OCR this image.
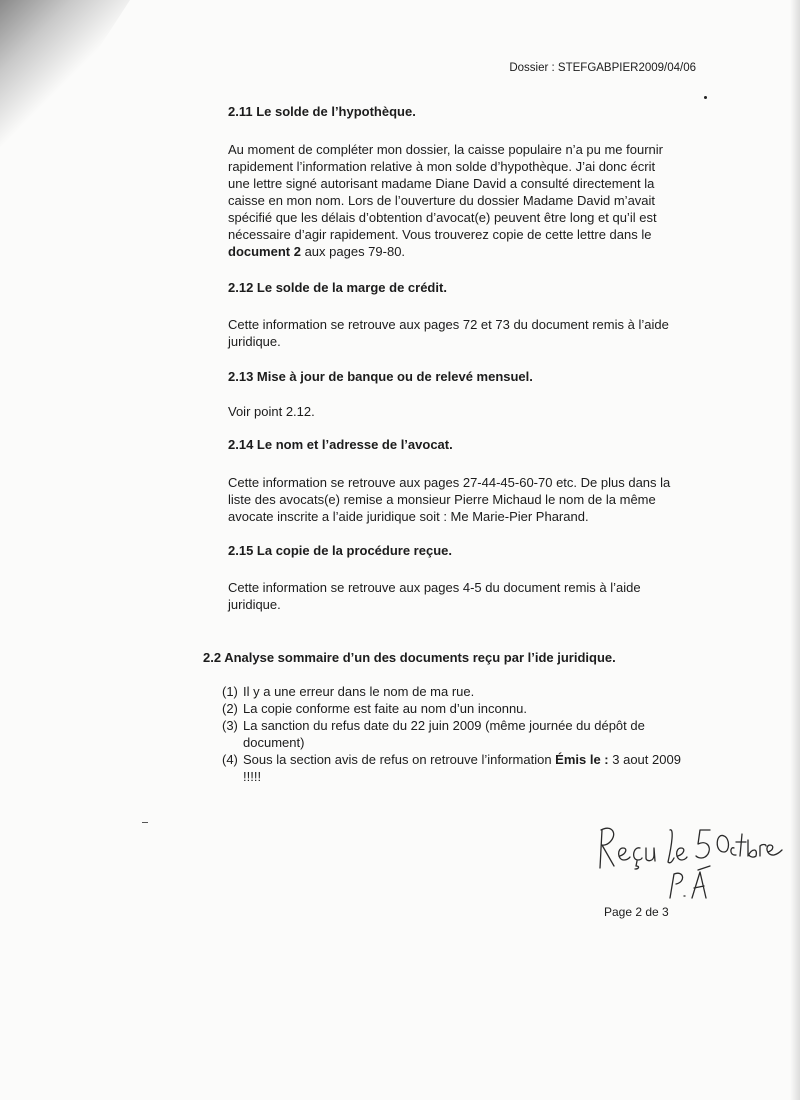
Dossier : STEFGABPIER2009/04/06
2.11 Le solde de l’hypothèque.
Au moment de compléter mon dossier, la caisse populaire n’a pu me fournir
rapidement l’information relative à mon solde d’hypothèque. J’ai donc écrit
une lettre signé autorisant madame Diane David a consulté directement la
caisse en mon nom. Lors de l’ouverture du dossier Madame David m’avait
spécifié que les délais d’obtention d’avocat(e) peuvent être long et qu’il est
nécessaire d’agir rapidement. Vous trouverez copie de cette lettre dans le
document 2 aux pages 79-80.
2.12 Le solde de la marge de crédit.
Cette information se retrouve aux pages 72 et 73 du document remis à l’aide
juridique.
2.13 Mise à jour de banque ou de relevé mensuel.
Voir point 2.12.
2.14 Le nom et l’adresse de l’avocat.
Cette information se retrouve aux pages 27-44-45-60-70 etc. De plus dans la
liste des avocats(e) remise a monsieur Pierre Michaud le nom de la même
avocate inscrite a l’aide juridique soit : Me Marie-Pier Pharand.
2.15 La copie de la procédure reçue.
Cette information se retrouve aux pages 4-5 du document remis à l’aide
juridique.
2.2 Analyse sommaire d’un des documents reçu par l’ide juridique.
(1) Il y a une erreur dans le nom de ma rue.
(2) La copie conforme est faite au nom d’un inconnu.
(3) La sanction du refus date du 22 juin 2009 (même journée du dépôt de document)
(4) Sous la section avis de refus on retrouve l’information Émis le : 3 aout 2009 !!!!!
Page 2 de 3
